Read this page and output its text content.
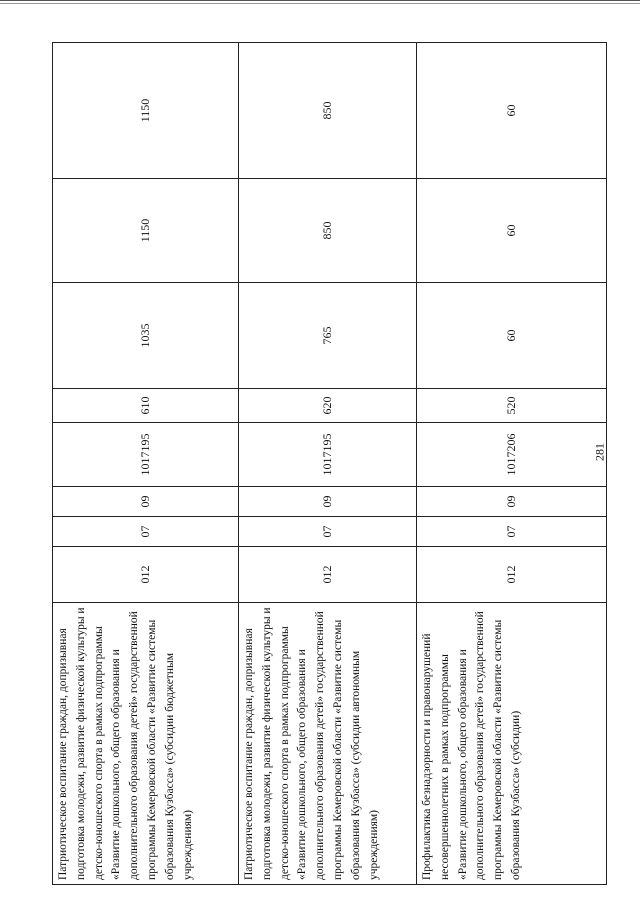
281
Патриотическое воспитание граждан, допризывная подготовка молодежи, развитие физической культуры и детско-юношеского спорта в рамках подпрограммы «Развитие дошкольного, общего образования и дополнительного образования детей» государственной программы Кемеровской области «Развитие системы образования Кузбасса» (субсидии бюджетным учреждениям)	012	07	09	1017195	610	1035	1150	1150
Патриотическое воспитание граждан, допризывная подготовка молодежи, развитие физической культуры и детско-юношеского спорта в рамках подпрограммы «Развитие дошкольного, общего образования и дополнительного образования детей» государственной программы Кемеровской области «Развитие системы образования Кузбасса» (субсидии автономным учреждениям)	012	07	09	1017195	620	765	850	850
Профилактика безнадзорности и правонарушений несовершеннолетних в рамках подпрограммы «Развитие дошкольного, общего образования и дополнительного образования детей» государственной программы Кемеровской области «Развитие системы образования Кузбасса» (субсидии)	012	07	09	1017206	520	60	60	60
